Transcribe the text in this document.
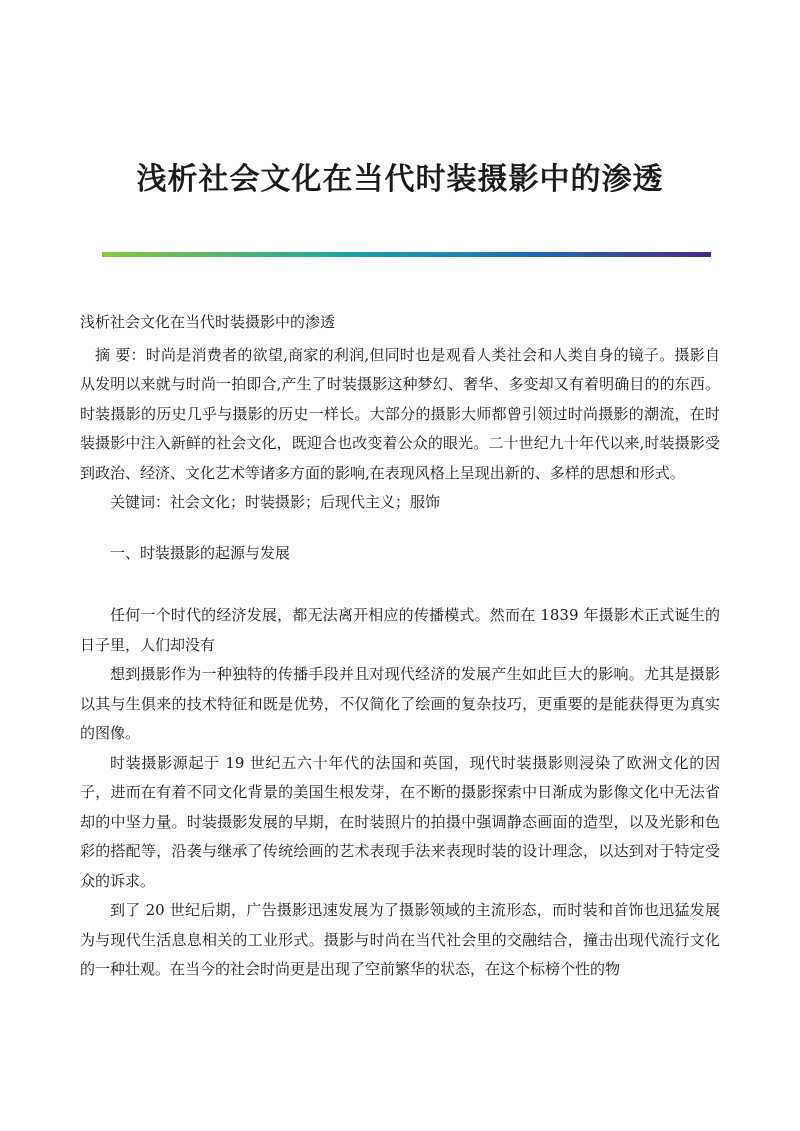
浅析社会文化在当代时装摄影中的渗透

浅析社会文化在当代时装摄影中的渗透

摘 要：时尚是消费者的欲望,商家的利润,但同时也是观看人类社会和人类自身的镜子。摄影自从发明以来就与时尚一拍即合,产生了时装摄影这种梦幻、奢华、多变却又有着明确目的的东西。时装摄影的历史几乎与摄影的历史一样长。大部分的摄影大师都曾引领过时尚摄影的潮流，在时装摄影中注入新鲜的社会文化，既迎合也改变着公众的眼光。二十世纪九十年代以来,时装摄影受到政治、经济、文化艺术等诸多方面的影响,在表现风格上呈现出新的、多样的思想和形式。

关键词：社会文化；时装摄影；后现代主义；服饰

一、时装摄影的起源与发展

任何一个时代的经济发展，都无法离开相应的传播模式。然而在 1839 年摄影术正式诞生的日子里，人们却没有

想到摄影作为一种独特的传播手段并且对现代经济的发展产生如此巨大的影响。尤其是摄影以其与生俱来的技术特征和既是优势，不仅简化了绘画的复杂技巧，更重要的是能获得更为真实的图像。

时装摄影源起于 19 世纪五六十年代的法国和英国，现代时装摄影则浸染了欧洲文化的因子，进而在有着不同文化背景的美国生根发芽，在不断的摄影探索中日渐成为影像文化中无法省却的中坚力量。时装摄影发展的早期，在时装照片的拍摄中强调静态画面的造型，以及光影和色彩的搭配等，沿袭与继承了传统绘画的艺术表现手法来表现时装的设计理念，以达到对于特定受众的诉求。

到了 20 世纪后期，广告摄影迅速发展为了摄影领域的主流形态，而时装和首饰也迅猛发展为与现代生活息息相关的工业形式。摄影与时尚在当代社会里的交融结合，撞击出现代流行文化的一种壮观。在当今的社会时尚更是出现了空前繁华的状态，在这个标榜个性的物
